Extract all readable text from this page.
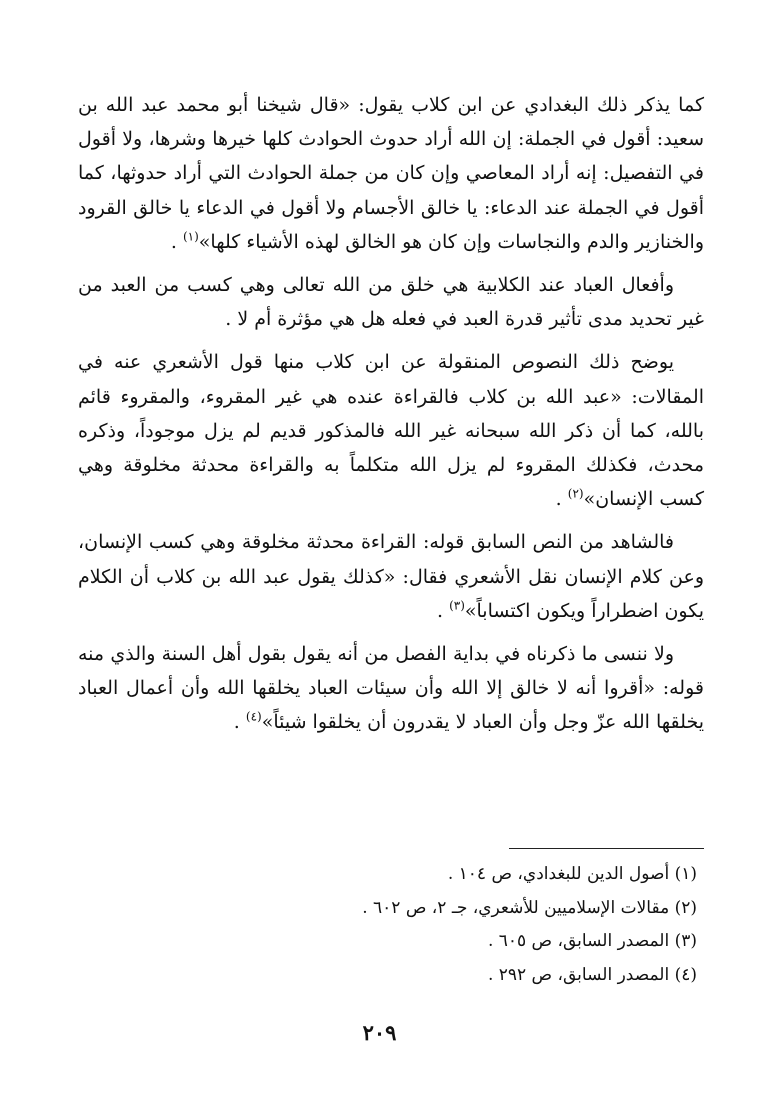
كما يذكر ذلك البغدادي عن ابن كلاب يقول: «قال شيخنا أبو محمد عبد الله بن سعيد: أقول في الجملة: إن الله أراد حدوث الحوادث كلها خيرها وشرها، ولا أقول في التفصيل: إنه أراد المعاصي وإن كان من جملة الحوادث التي أراد حدوثها، كما أقول في الجملة عند الدعاء: يا خالق الأجسام ولا أقول في الدعاء يا خالق القرود والخنازير والدم والنجاسات وإن كان هو الخالق لهذه الأشياء كلها»$^{(١)}$ .

وأفعال العباد عند الكلابية هي خلق من الله تعالى وهي كسب من العبد من غير تحديد مدى تأثير قدرة العبد في فعله هل هي مؤثرة أم لا .

يوضح ذلك النصوص المنقولة عن ابن كلاب منها قول الأشعري عنه في المقالات: «عبد الله بن كلاب فالقراءة عنده هي غير المقروء، والمقروء قائم بالله، كما أن ذكر الله سبحانه غير الله فالمذكور قديم لم يزل موجوداً، وذكره محدث، فكذلك المقروء لم يزل الله متكلماً به والقراءة محدثة مخلوقة وهي كسب الإنسان»$^{(٢)}$ .

فالشاهد من النص السابق قوله: القراءة محدثة مخلوقة وهي كسب الإنسان، وعن كلام الإنسان نقل الأشعري فقال: «كذلك يقول عبد الله بن كلاب أن الكلام يكون اضطراراً ويكون اكتساباً»$^{(٣)}$ .

ولا ننسى ما ذكرناه في بداية الفصل من أنه يقول بقول أهل السنة والذي منه قوله: «أقروا أنه لا خالق إلا الله وأن سيئات العباد يخلقها الله وأن أعمال العباد يخلقها الله عزّ وجل وأن العباد لا يقدرون أن يخلقوا شيئاً»$^{(٤)}$ .

(١) أصول الدين للبغدادي، ص ١٠٤ .

(٢) مقالات الإسلاميين للأشعري، جـ ٢، ص ٦٠٢ .

(٣) المصدر السابق، ص ٦٠٥ .

(٤) المصدر السابق، ص ٢٩٢ .

٢٠٩
